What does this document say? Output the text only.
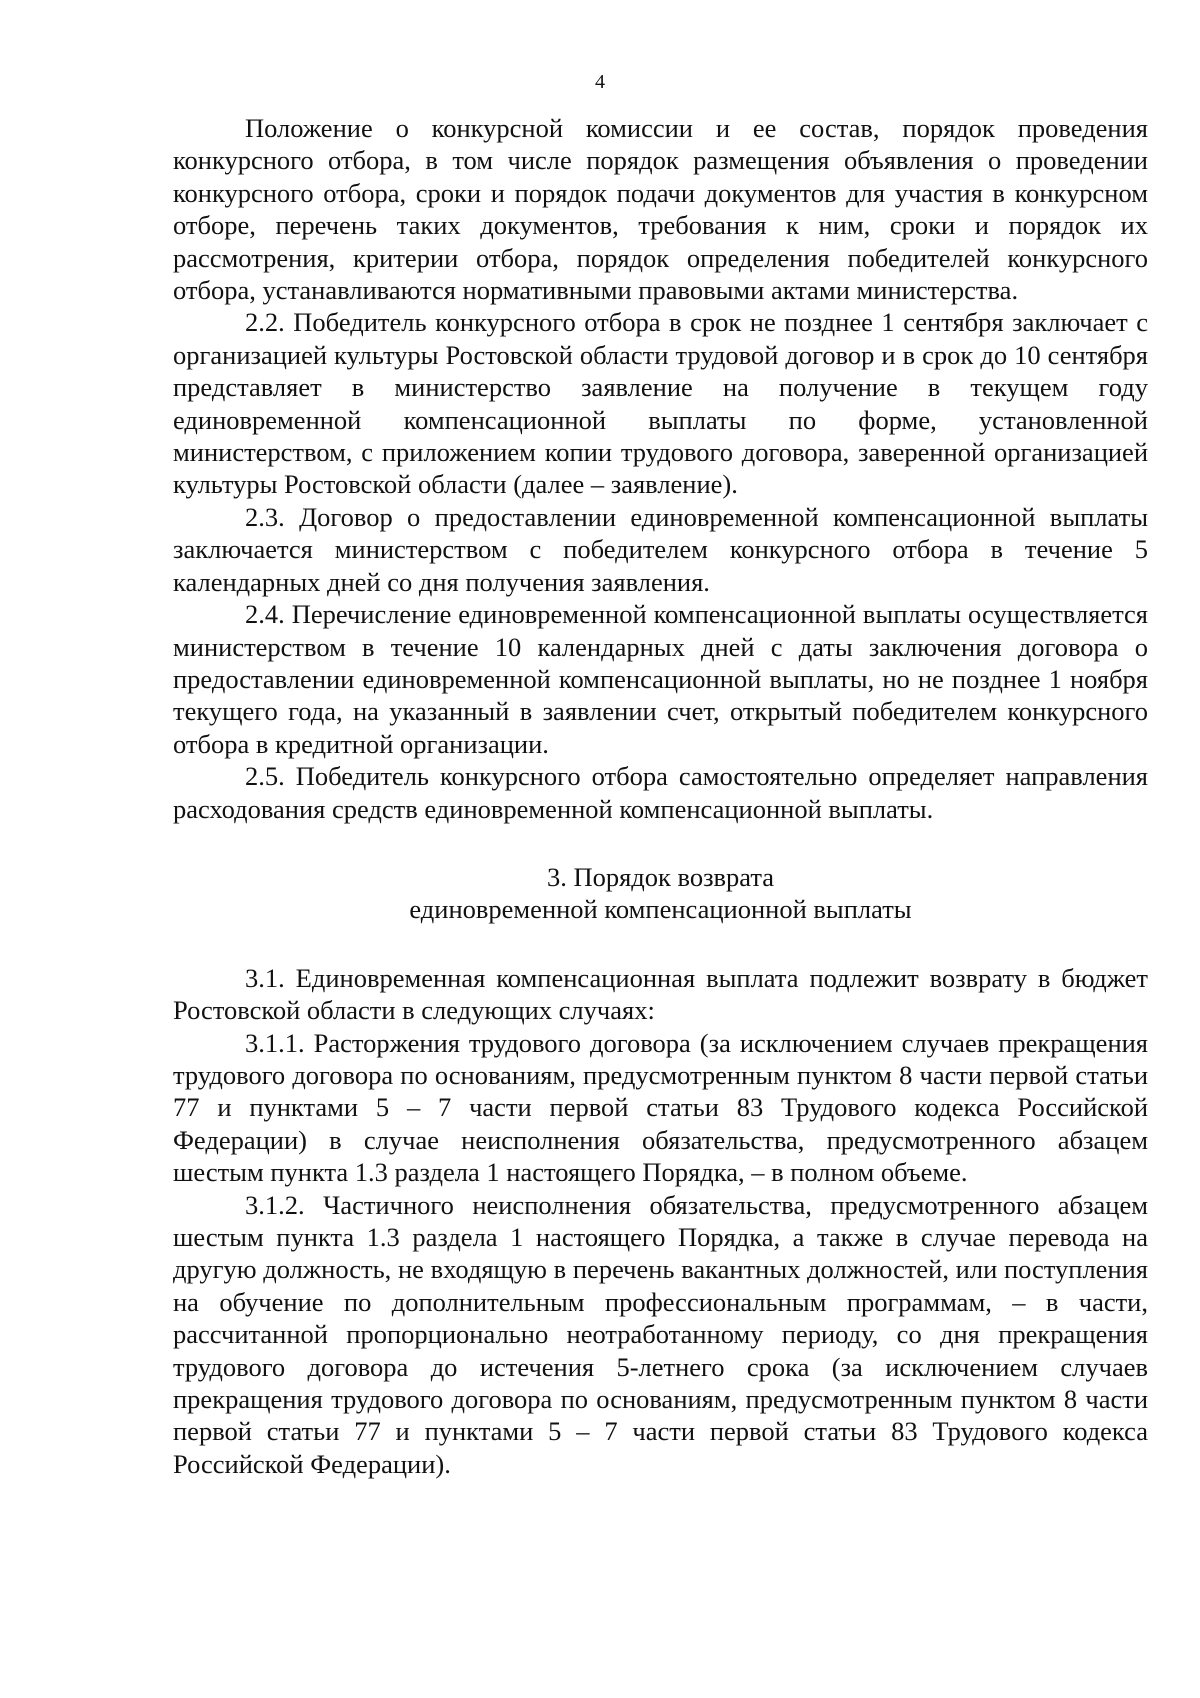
4

Положение о конкурсной комиссии и ее состав, порядок проведения конкурсного отбора, в том числе порядок размещения объявления о проведении конкурсного отбора, сроки и порядок подачи документов для участия в конкурсном отборе, перечень таких документов, требования к ним, сроки и порядок их рассмотрения, критерии отбора, порядок определения победителей конкурсного отбора, устанавливаются нормативными правовыми актами министерства.

2.2. Победитель конкурсного отбора в срок не позднее 1 сентября заключает с организацией культуры Ростовской области трудовой договор и в срок до 10 сентября представляет в министерство заявление на получение в текущем году единовременной компенсационной выплаты по форме, установленной министерством, с приложением копии трудового договора, заверенной организацией культуры Ростовской области (далее – заявление).

2.3. Договор о предоставлении единовременной компенсационной выплаты заключается министерством с победителем конкурсного отбора в течение 5 календарных дней со дня получения заявления.

2.4. Перечисление единовременной компенсационной выплаты осуществляется министерством в течение 10 календарных дней с даты заключения договора о предоставлении единовременной компенсационной выплаты, но не позднее 1 ноября текущего года, на указанный в заявлении счет, открытый победителем конкурсного отбора в кредитной организации.

2.5. Победитель конкурсного отбора самостоятельно определяет направления расходования средств единовременной компенсационной выплаты.

3. Порядок возврата

единовременной компенсационной выплаты

3.1. Единовременная компенсационная выплата подлежит возврату в бюджет Ростовской области в следующих случаях:

3.1.1. Расторжения трудового договора (за исключением случаев прекращения трудового договора по основаниям, предусмотренным пунктом 8 части первой статьи 77 и пунктами 5 – 7 части первой статьи 83 Трудового кодекса Российской Федерации) в случае неисполнения обязательства, предусмотренного абзацем шестым пункта 1.3 раздела 1 настоящего Порядка, – в полном объеме.

3.1.2. Частичного неисполнения обязательства, предусмотренного абзацем шестым пункта 1.3 раздела 1 настоящего Порядка, а также в случае перевода на другую должность, не входящую в перечень вакантных должностей, или поступления на обучение по дополнительным профессиональным программам, – в части, рассчитанной пропорционально неотработанному периоду, со дня прекращения трудового договора до истечения 5-летнего срока (за исключением случаев прекращения трудового договора по основаниям, предусмотренным пунктом 8 части первой статьи 77 и пунктами 5 – 7 части первой статьи 83 Трудового кодекса Российской Федерации).
